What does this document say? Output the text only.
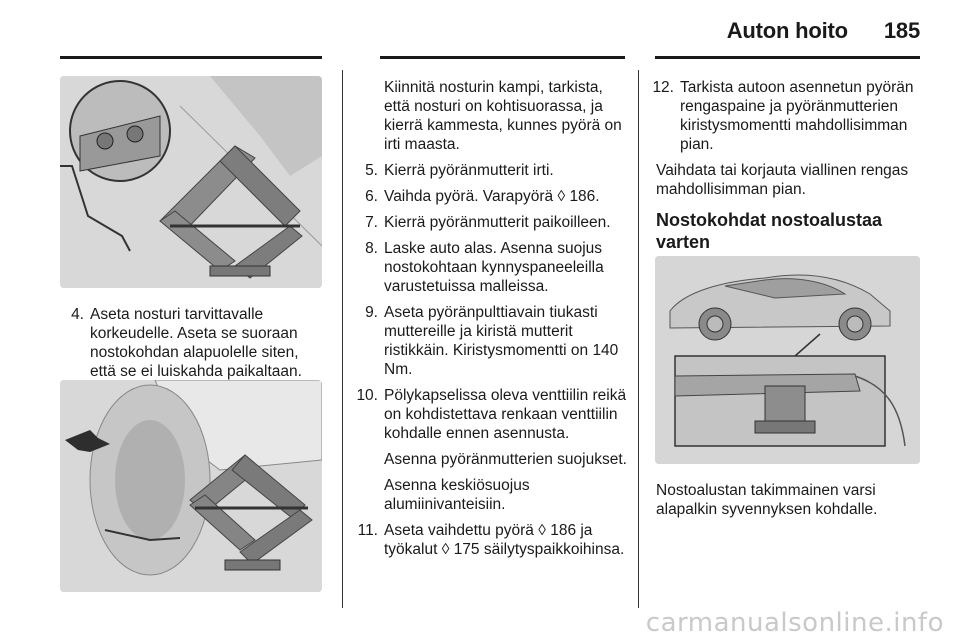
Auton hoito 185
4. Aseta nosturi tarvittavalle korkeudelle. Aseta se suoraan nostokohdan alapuolelle siten, että se ei luiskahda paikaltaan.

Kiinnitä nosturin kampi, tarkista, että nosturi on kohtisuorassa, ja kierrä kammesta, kunnes pyörä on irti maasta.

5. Kierrä pyöränmutterit irti.
6. Vaihda pyörä. Varapyörä ◊ 186.
7. Kierrä pyöränmutterit paikoilleen.
8. Laske auto alas. Asenna suojus nostokohtaan kynnyspaneeleilla varustetuissa malleissa.
9. Aseta pyöränpulttiavain tiukasti muttereille ja kiristä mutterit ristikkäin. Kiristysmomentti on 140 Nm.
10. Pölykapselissa oleva venttiilin reikä on kohdistettava renkaan venttiilin kohdalle ennen asennusta.

Asenna pyöränmutterien suojukset.

Asenna keskiösuojus alumiinivanteisiin.

11. Aseta vaihdettu pyörä ◊ 186 ja työkalut ◊ 175 säilytyspaikkoihinsa.
12. Tarkista autoon asennetun pyörän rengaspaine ja pyöränmutterien kiristysmomentti mahdollisimman pian.

Vaihdata tai korjauta viallinen rengas mahdollisimman pian.

Nostokohdat nostoalustaa varten

Nostoalustan takimmainen varsi alapalkin syvennyksen kohdalle.

carmanualsonline.info
